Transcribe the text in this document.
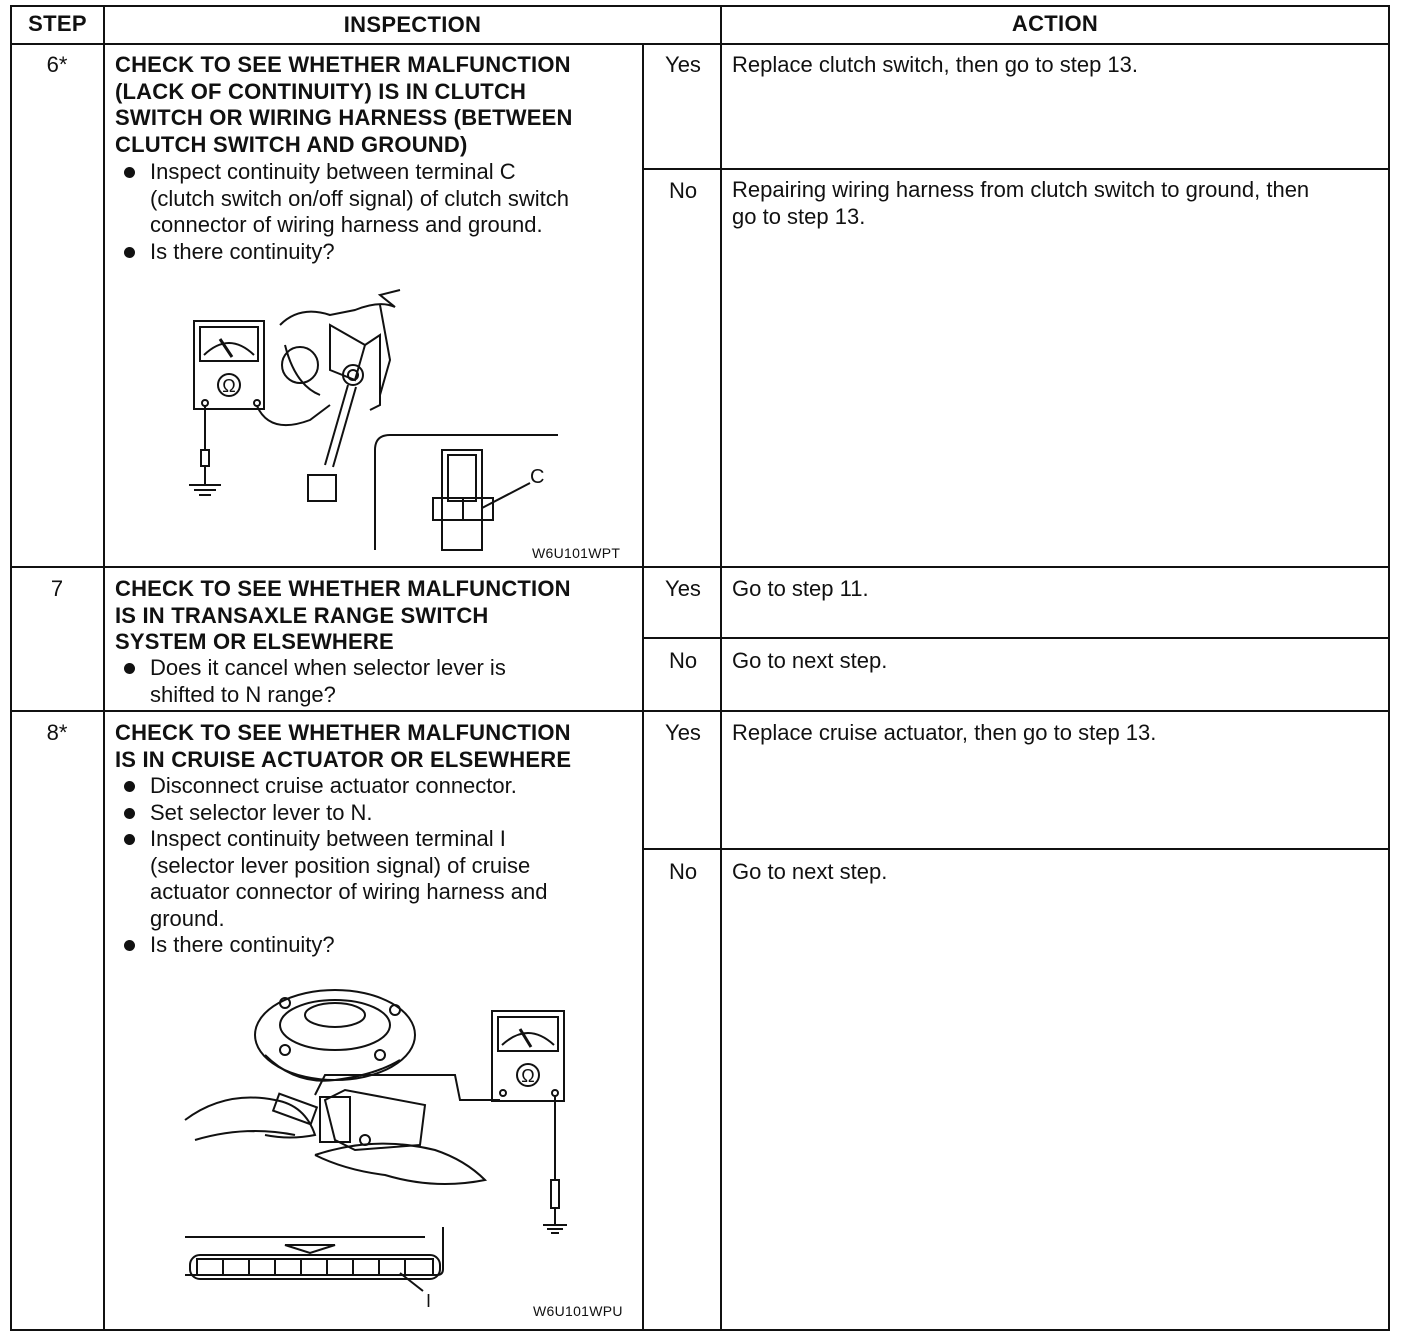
STEP	INSPECTION	ACTION
6*	CHECK TO SEE WHETHER MALFUNCTION
(LACK OF CONTINUITY) IS IN CLUTCH
SWITCH OR WIRING HARNESS (BETWEEN
CLUTCH SWITCH AND GROUND)
Inspect continuity between terminal C
(clutch switch on/off signal) of clutch switch
connector of wiring harness and ground.
Is there continuity?
C
Ω
W6U101WPT
Yes	Replace clutch switch, then go to step 13.
No	Repairing wiring harness from clutch switch to ground, then
go to step 13.
7	CHECK TO SEE WHETHER MALFUNCTION
IS IN TRANSAXLE RANGE SWITCH
SYSTEM OR ELSEWHERE
Does it cancel when selector lever is
shifted to N range?
Yes	Go to step 11.
No	Go to next step.
8*	CHECK TO SEE WHETHER MALFUNCTION
IS IN CRUISE ACTUATOR OR ELSEWHERE
Disconnect cruise actuator connector.
Set selector lever to N.
Inspect continuity between terminal I
(selector lever position signal) of cruise
actuator connector of wiring harness and
ground.
Is there continuity?
I
Ω
W6U101WPU
Yes	Replace cruise actuator, then go to step 13.
No	Go to next step.
